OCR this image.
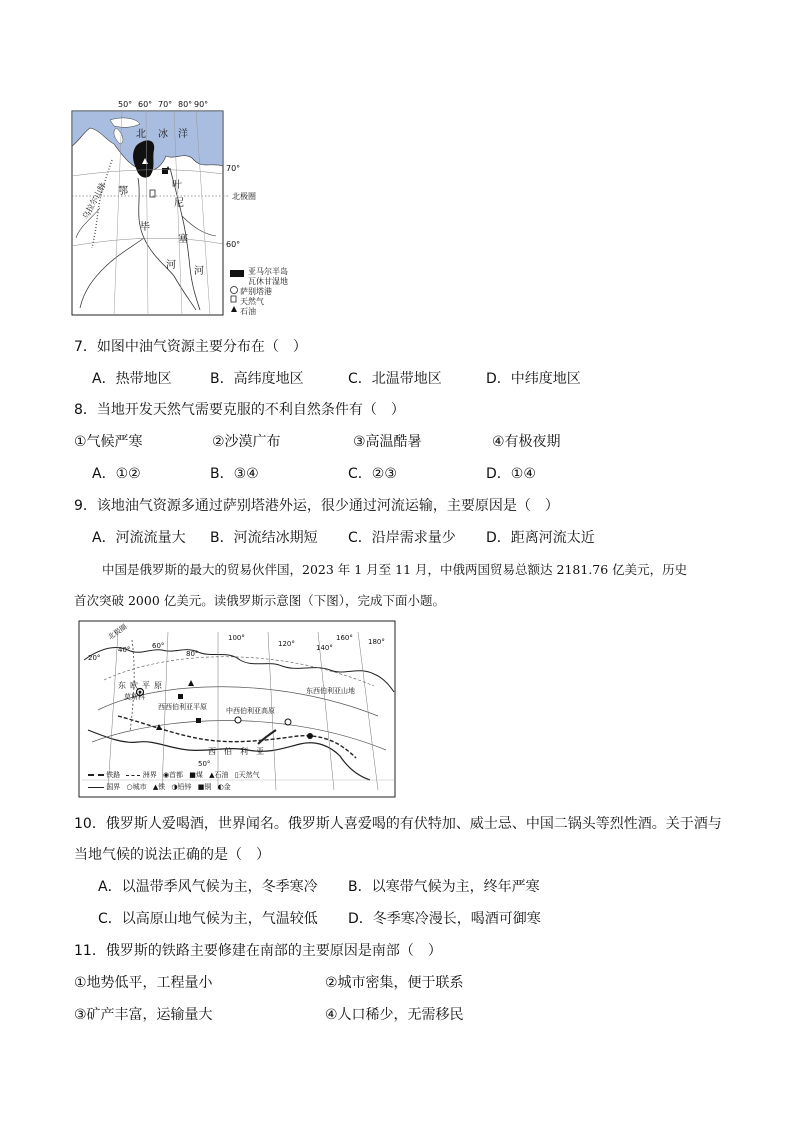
50° 60° 70° 80° 90°
70°
60°
北极圈
北 冰 洋
乌拉尔山脉 鄂
毕
叶
尼
塞
河
河	亚马尔半岛
瓦休甘湿地
萨别塔港
天然气
石油
7．如图中油气资源主要分布在（　）
A．热带地区	B．高纬度地区	C．北温带地区	D．中纬度地区
8．当地开发天然气需要克服的不利自然条件有（　）
①气候严寒	②沙漠广布	③高温酷暑	④有极夜期
A．①②	B．③④	C．②③	D．①④
9．该地油气资源多通过萨别塔港外运，很少通过河流运输，主要原因是（　）
A．河流流量大 B．河流结冰期短 C．沿岸需求量少 D．距离河流太近
中国是俄罗斯的最大的贸易伙伴国，2023 年 1 月至 11 月，中俄两国贸易总额达 2181.76 亿美元，历史
首次突破 2000 亿美元。读俄罗斯示意图（下图），完成下面小题。
东欧平原
莫斯科
西西伯利亚平原	中西伯利亚高原
东西伯利亚山地
西伯利亚
北极圈	100°
120°	140°
160° 180°
80°
60°
40°
20°
50°
铁路	洲界 ◉首都 ■煤 ▲石油 ▯天然气
国界 ○城市 ▲铁 ◑铅锌 ■铜 ◐金
10．俄罗斯人爱喝酒，世界闻名。俄罗斯人喜爱喝的有伏特加、威士忌、中国二锅头等烈性酒。关于酒与
当地气候的说法正确的是（　）
A．以温带季风气候为主，冬季寒冷 B．以寒带气候为主，终年严寒
C．以高原山地气候为主，气温较低 D．冬季寒冷漫长，喝酒可御寒
11．俄罗斯的铁路主要修建在南部的主要原因是南部（　）
①地势低平，工程量小	②城市密集，便于联系
③矿产丰富，运输量大	④人口稀少，无需移民
